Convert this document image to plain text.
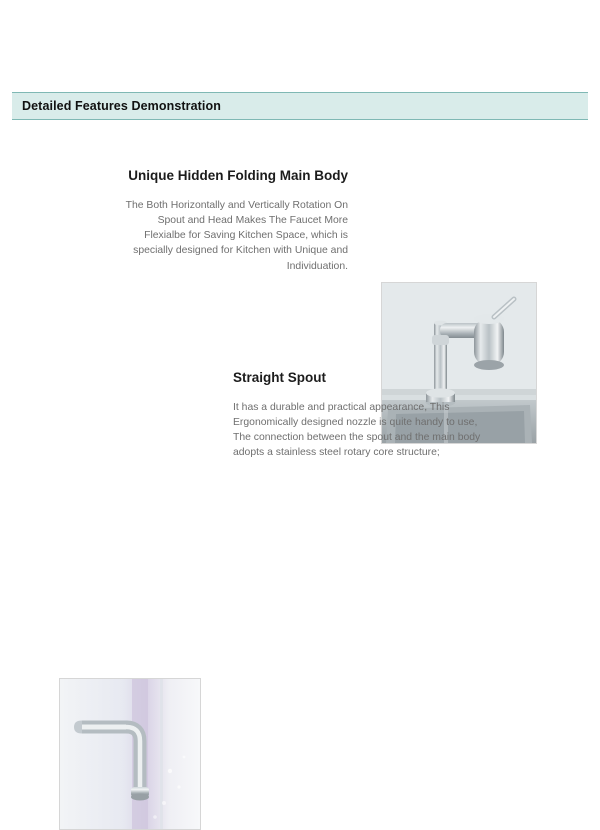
Detailed Features Demonstration
Unique Hidden Folding Main Body
The Both Horizontally and Vertically Rotation On Spout and Head Makes The Faucet More Flexialbe for Saving Kitchen Space, which is specially designed for Kitchen with Unique and Individuation.
Straight Spout
It has a durable and practical appearance, This Ergonomically designed nozzle is quite handy to use, The connection between the spout and the main body adopts a stainless steel rotary core structure;
